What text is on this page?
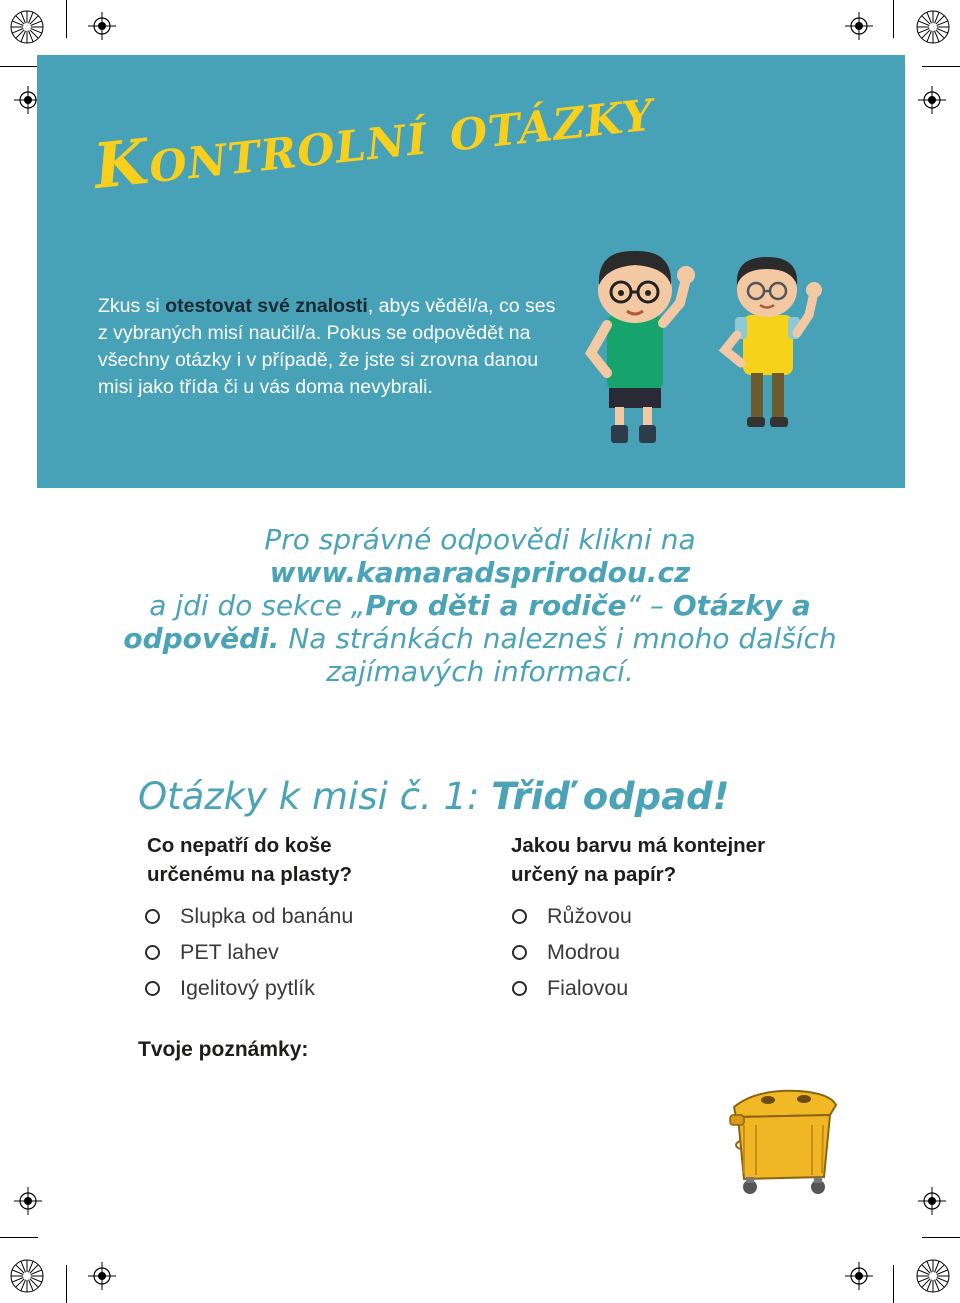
Kontrolní otázky
Zkus si otestovat své znalosti, abys věděl/a, co ses z vybraných misí naučil/a. Pokus se odpovědět na všechny otázky i v případě, že jste si zrovna danou misi jako třída či u vás doma nevybrali.
Pro správné odpovědi klikni na
www.kamaradsprirodou.cz
a jdi do sekce „Pro děti a rodiče“ – Otázky a odpovědi. Na stránkách nalezneš i mnoho dalších zajímavých informací.
Otázky k misi č. 1: Třiď odpad!
Co nepatří do koše určenému na plasty?
Slupka od banánu
PET lahev
Igelitový pytlík
Jakou barvu má kontejner určený na papír?
Růžovou
Modrou
Fialovou
Tvoje poznámky:
